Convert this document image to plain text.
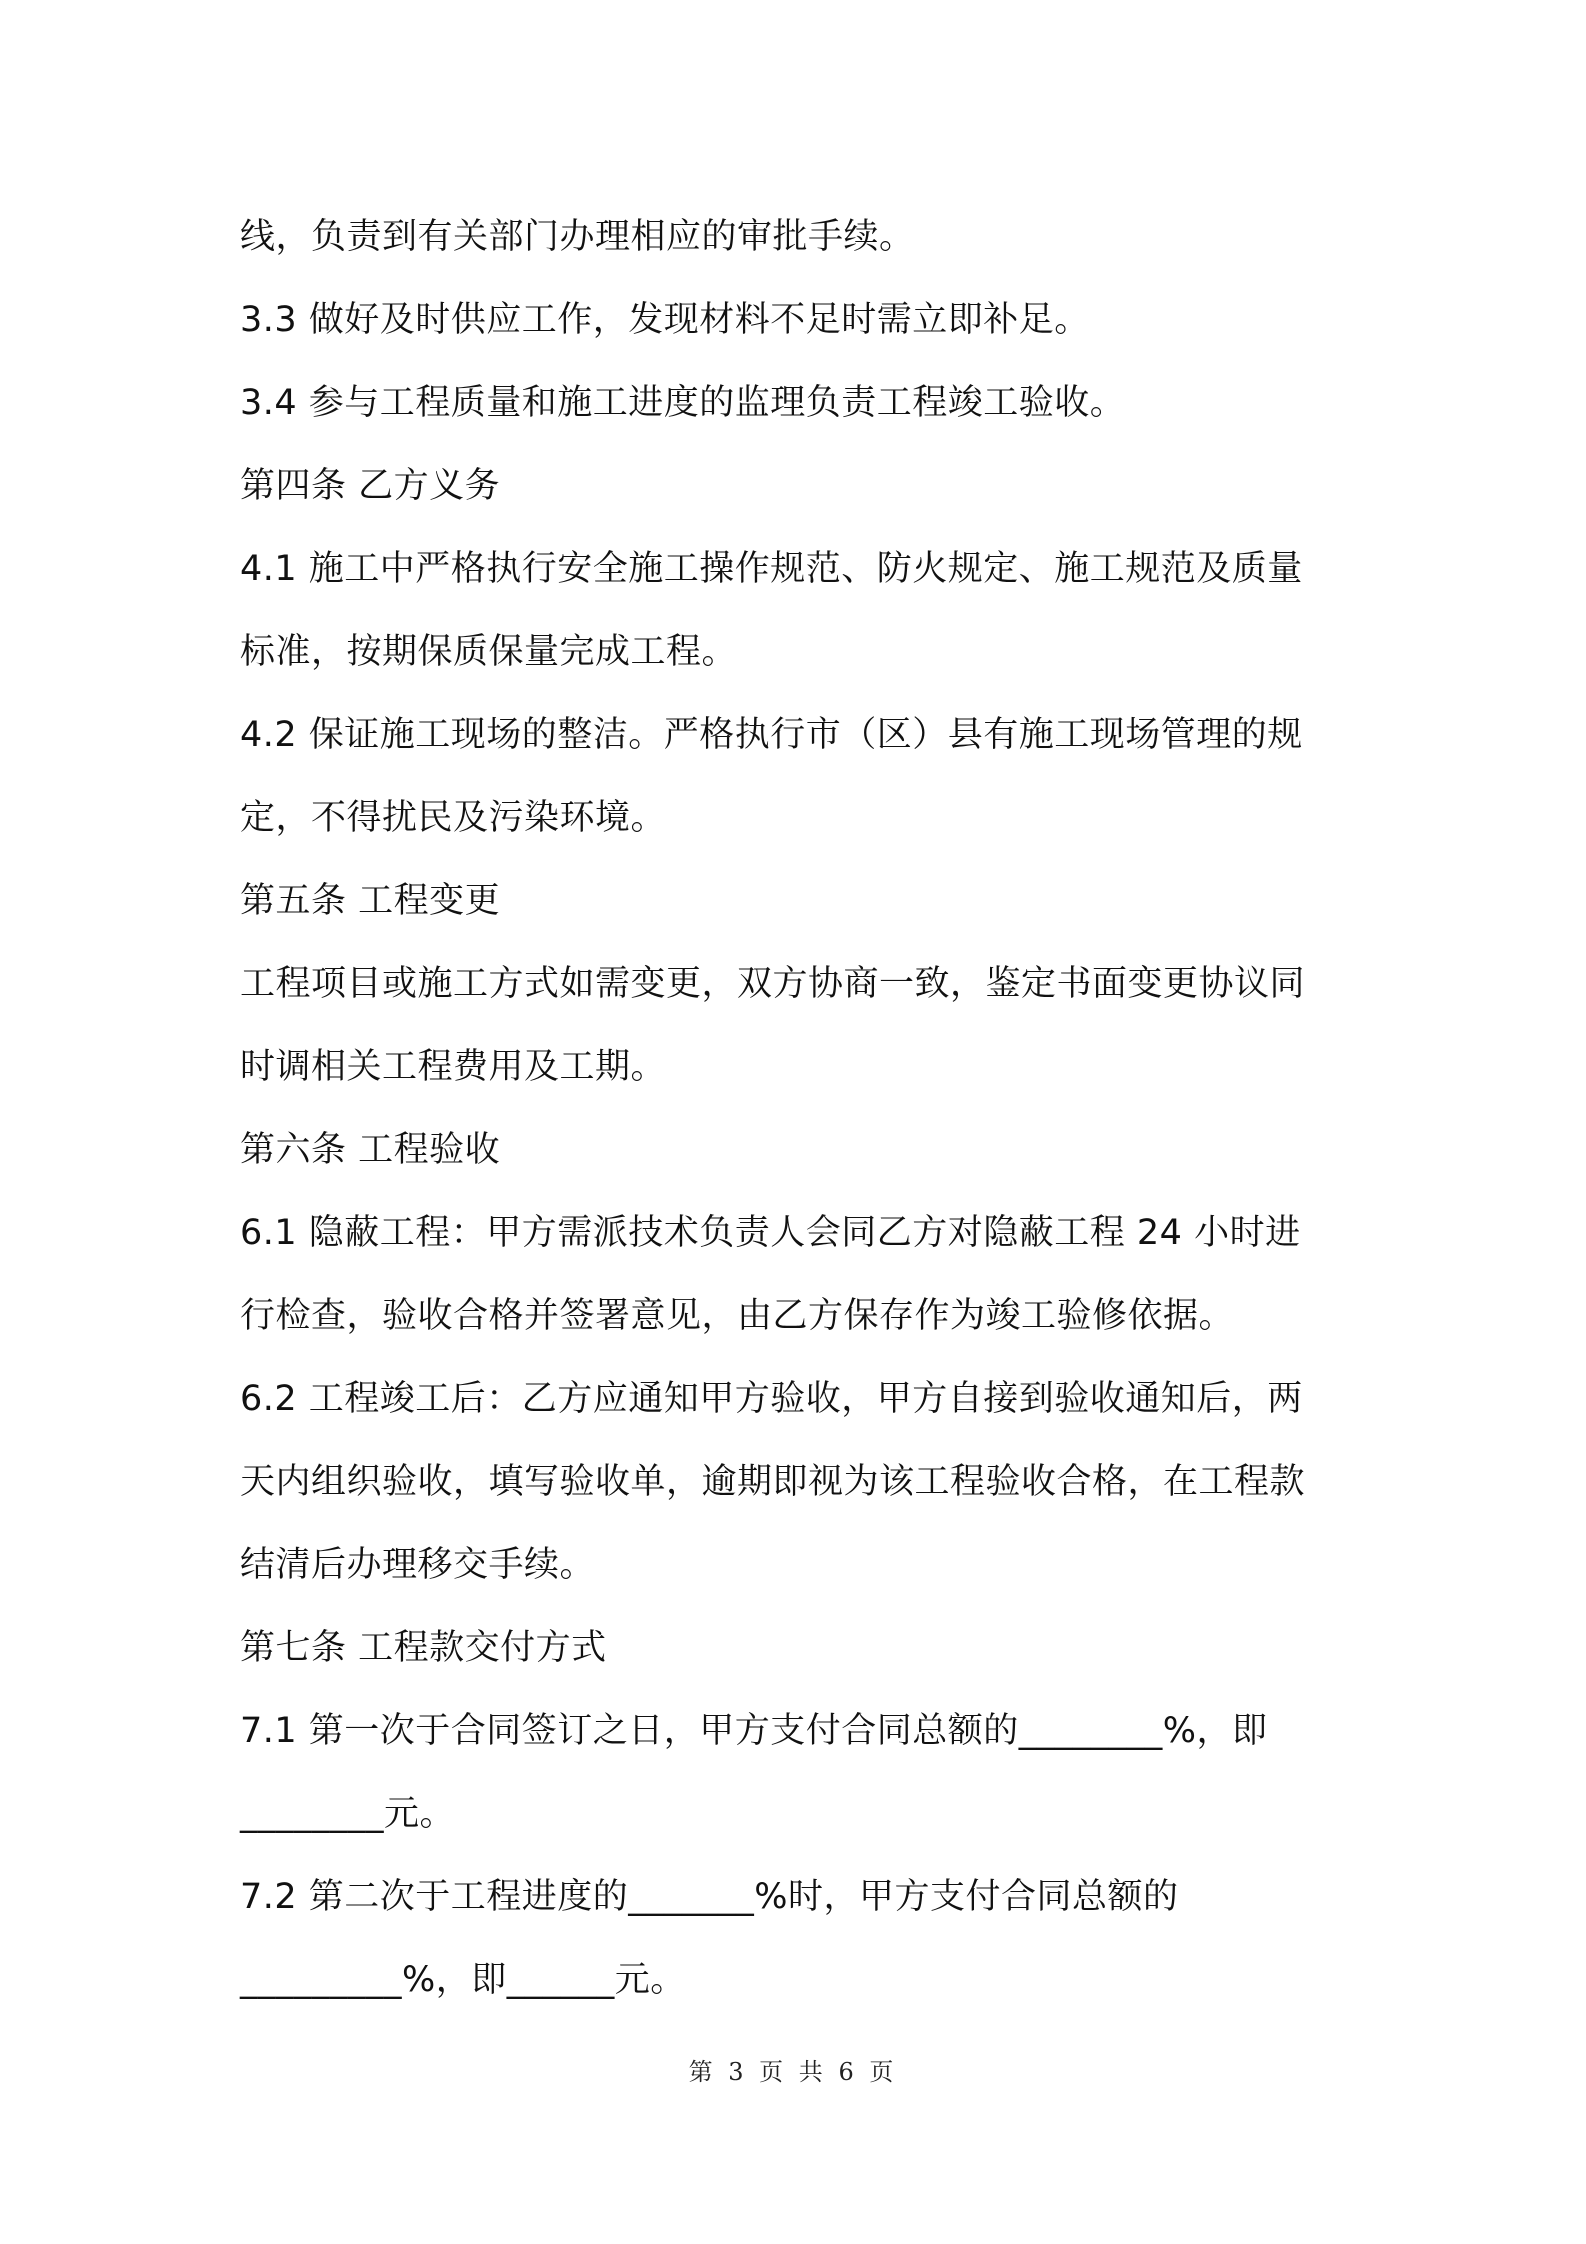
线，负责到有关部门办理相应的审批手续。
3.3 做好及时供应工作，发现材料不足时需立即补足。
3.4 参与工程质量和施工进度的监理负责工程竣工验收。
第四条 乙方义务
4.1 施工中严格执行安全施工操作规范、防火规定、施工规范及质量
标准，按期保质保量完成工程。
4.2 保证施工现场的整洁。严格执行市（区）县有施工现场管理的规
定，不得扰民及污染环境。
第五条 工程变更
工程项目或施工方式如需变更，双方协商一致，鉴定书面变更协议同
时调相关工程费用及工期。
第六条 工程验收
6.1 隐蔽工程：甲方需派技术负责人会同乙方对隐蔽工程 24 小时进
行检查，验收合格并签署意见，由乙方保存作为竣工验修依据。
6.2 工程竣工后：乙方应通知甲方验收，甲方自接到验收通知后，两
天内组织验收，填写验收单，逾期即视为该工程验收合格，在工程款
结清后办理移交手续。
第七条 工程款交付方式
7.1 第一次于合同签订之日，甲方支付合同总额的________%，即
________元。
7.2 第二次于工程进度的_______%时，甲方支付合同总额的
_________%，即______元。
第 3 页 共 6 页
